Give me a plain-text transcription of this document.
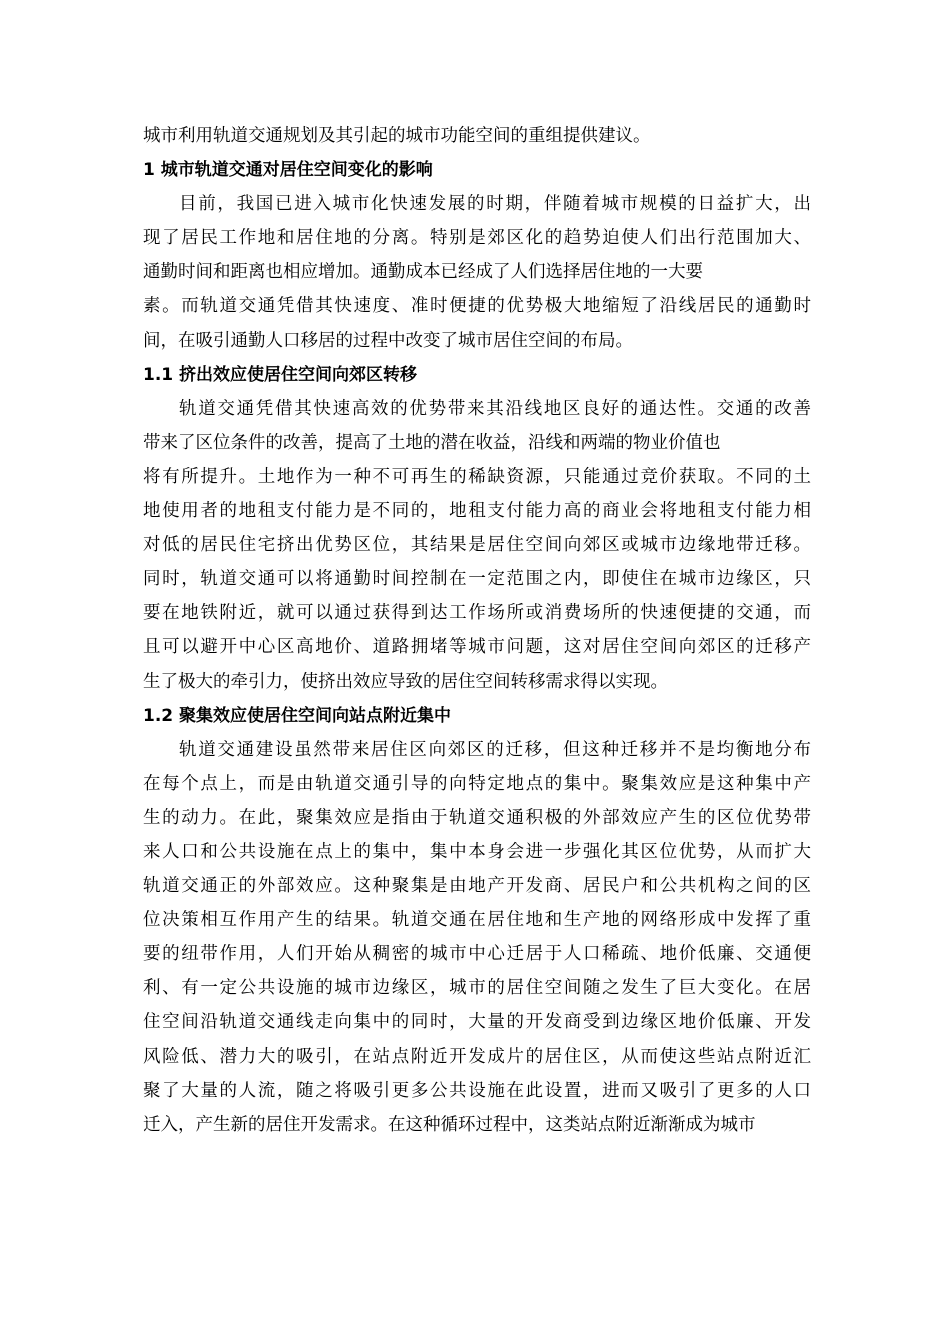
城市利用轨道交通规划及其引起的城市功能空间的重组提供建议。
1 城市轨道交通对居住空间变化的影响
目前，我国已进入城市化快速发展的时期，伴随着城市规模的日益扩大，出
现了居民工作地和居住地的分离。特别是郊区化的趋势迫使人们出行范围加大、
通勤时间和距离也相应增加。通勤成本已经成了人们选择居住地的一大要
素。而轨道交通凭借其快速度、准时便捷的优势极大地缩短了沿线居民的通勤时
间，在吸引通勤人口移居的过程中改变了城市居住空间的布局。
1.1 挤出效应使居住空间向郊区转移
轨道交通凭借其快速高效的优势带来其沿线地区良好的通达性。交通的改善
带来了区位条件的改善，提高了土地的潜在收益，沿线和两端的物业价值也
将有所提升。土地作为一种不可再生的稀缺资源，只能通过竞价获取。不同的土
地使用者的地租支付能力是不同的，地租支付能力高的商业会将地租支付能力相
对低的居民住宅挤出优势区位，其结果是居住空间向郊区或城市边缘地带迁移。
同时，轨道交通可以将通勤时间控制在一定范围之内，即使住在城市边缘区，只
要在地铁附近，就可以通过获得到达工作场所或消费场所的快速便捷的交通，而
且可以避开中心区高地价、道路拥堵等城市问题，这对居住空间向郊区的迁移产
生了极大的牵引力，使挤出效应导致的居住空间转移需求得以实现。
1.2 聚集效应使居住空间向站点附近集中
轨道交通建设虽然带来居住区向郊区的迁移，但这种迁移并不是均衡地分布
在每个点上，而是由轨道交通引导的向特定地点的集中。聚集效应是这种集中产
生的动力。在此，聚集效应是指由于轨道交通积极的外部效应产生的区位优势带
来人口和公共设施在点上的集中，集中本身会进一步强化其区位优势，从而扩大
轨道交通正的外部效应。这种聚集是由地产开发商、居民户和公共机构之间的区
位决策相互作用产生的结果。轨道交通在居住地和生产地的网络形成中发挥了重
要的纽带作用，人们开始从稠密的城市中心迁居于人口稀疏、地价低廉、交通便
利、有一定公共设施的城市边缘区，城市的居住空间随之发生了巨大变化。在居
住空间沿轨道交通线走向集中的同时，大量的开发商受到边缘区地价低廉、开发
风险低、潜力大的吸引，在站点附近开发成片的居住区，从而使这些站点附近汇
聚了大量的人流，随之将吸引更多公共设施在此设置，进而又吸引了更多的人口
迁入，产生新的居住开发需求。在这种循环过程中，这类站点附近渐渐成为城市
